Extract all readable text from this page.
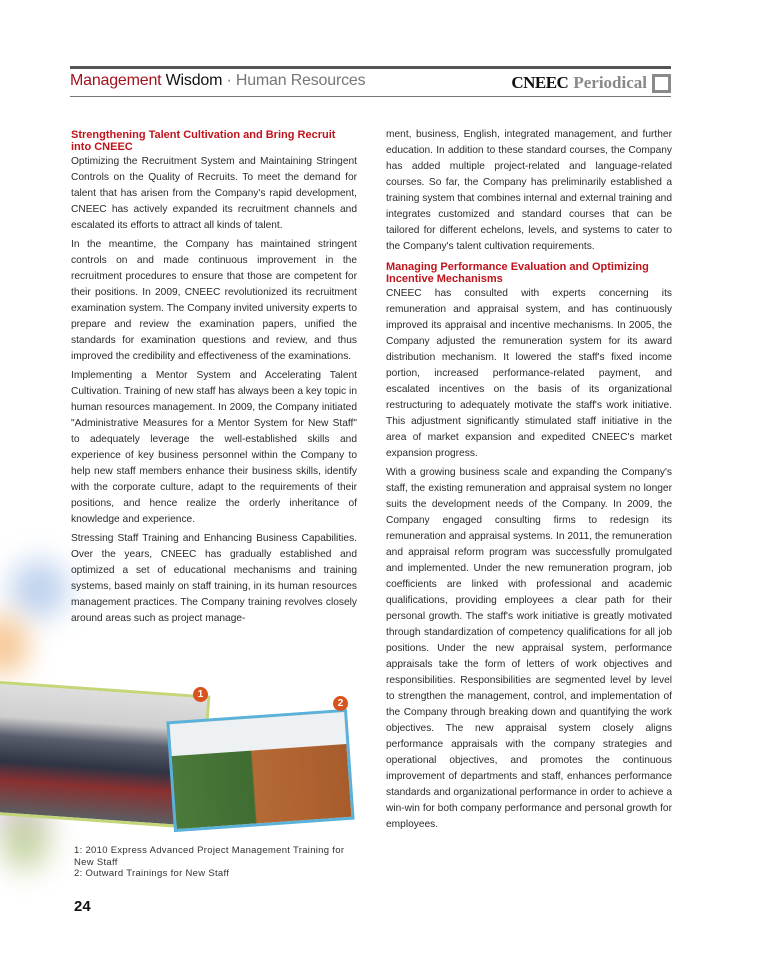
Management Wisdom · Human Resources	CNEEC Periodical
Strengthening Talent Cultivation and Bring Recruit into CNEEC

Optimizing the Recruitment System and Maintaining Stringent Controls on the Quality of Recruits. To meet the demand for talent that has arisen from the Company's rapid development, CNEEC has actively expanded its recruitment channels and escalated its efforts to attract all kinds of talent.

In the meantime, the Company has maintained stringent controls on and made continuous improvement in the recruitment procedures to ensure that those are competent for their positions. In 2009, CNEEC revolutionized its recruitment examination system. The Company invited university experts to prepare and review the examination papers, unified the standards for examination questions and review, and thus improved the credibility and effectiveness of the examinations.

Implementing a Mentor System and Accelerating Talent Cultivation. Training of new staff has always been a key topic in human resources management. In 2009, the Company initiated "Administrative Measures for a Mentor System for New Staff" to adequately leverage the well-established skills and experience of key business personnel within the Company to help new staff members enhance their business skills, identify with the corporate culture, adapt to the requirements of their positions, and hence realize the orderly inheritance of knowledge and experience.

Stressing Staff Training and Enhancing Business Capabilities. Over the years, CNEEC has gradually established and optimized a set of educational mechanisms and training systems, based mainly on staff training, in its human resources management practices. The Company training revolves closely around areas such as project manage-

ment, business, English, integrated management, and further education. In addition to these standard courses, the Company has added multiple project-related and language-related courses. So far, the Company has preliminarily established a training system that combines internal and external training and integrates customized and standard courses that can be tailored for different echelons, levels, and systems to cater to the Company's talent cultivation requirements.

Managing Performance Evaluation and Optimizing Incentive Mechanisms

CNEEC has consulted with experts concerning its remuneration and appraisal system, and has continuously improved its appraisal and incentive mechanisms. In 2005, the Company adjusted the remuneration system for its award distribution mechanism. It lowered the staff's fixed income portion, increased performance-related payment, and escalated incentives on the basis of its organizational restructuring to adequately motivate the staff's work initiative. This adjustment significantly stimulated staff initiative in the area of market expansion and expedited CNEEC's market expansion progress.

With a growing business scale and expanding the Company's staff, the existing remuneration and appraisal system no longer suits the development needs of the Company. In 2009, the Company engaged consulting firms to redesign its remuneration and appraisal systems. In 2011, the remuneration and appraisal reform program was successfully promulgated and implemented. Under the new remuneration program, job coefficients are linked with professional and academic qualifications, providing employees a clear path for their personal growth. The staff's work initiative is greatly motivated through standardization of competency qualifications for all job positions. Under the new appraisal system, performance appraisals take the form of letters of work objectives and responsibilities. Responsibilities are segmented level by level to strengthen the management, control, and implementation of the Company through breaking down and quantifying the work objectives. The new appraisal system closely aligns performance appraisals with the company strategies and operational objectives, and promotes the continuous improvement of departments and staff, enhances performance standards and organizational performance in order to achieve a win-win for both company performance and personal growth for employees.

1
2
1: 2010 Express Advanced Project Management Training for New Staff
2: Outward Trainings for New Staff
24
